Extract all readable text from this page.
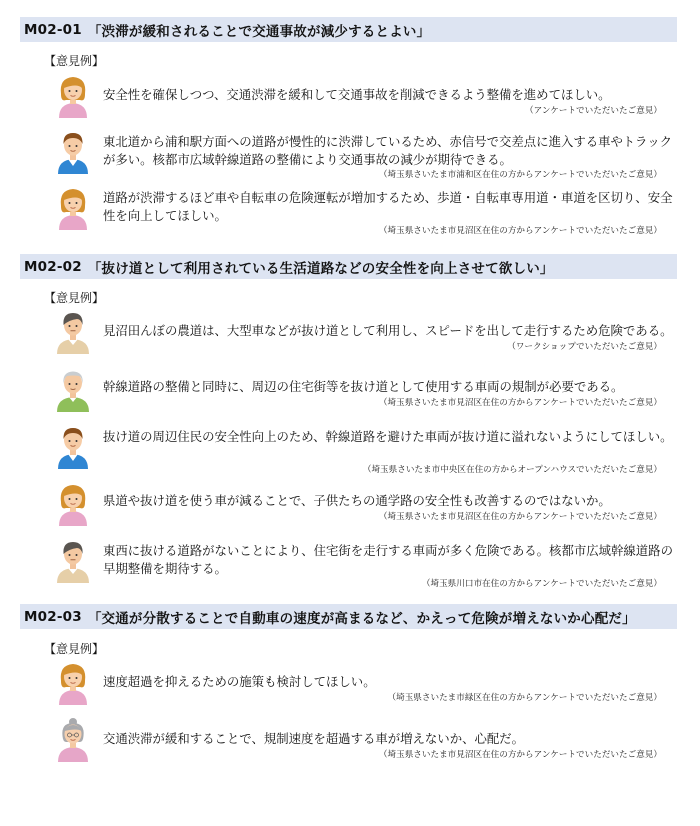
M02-01 「渋滞が緩和されることで交通事故が減少するとよい」
【意見例】
安全性を確保しつつ、交通渋滞を緩和して交通事故を削減できるよう整備を進めてほしい。
（アンケートでいただいたご意見）
東北道から浦和駅方面への道路が慢性的に渋滞しているため、赤信号で交差点に進入する車やトラックが多い。核都市広域幹線道路の整備により交通事故の減少が期待できる。
（埼玉県さいたま市浦和区在住の方からアンケートでいただいたご意見）
道路が渋滞するほど車や自転車の危険運転が増加するため、歩道・自転車専用道・車道を区切り、安全性を向上してほしい。
（埼玉県さいたま市見沼区在住の方からアンケートでいただいたご意見）
M02-02 「抜け道として利用されている生活道路などの安全性を向上させて欲しい」
【意見例】
見沼田んぼの農道は、大型車などが抜け道として利用し、スピードを出して走行するため危険である。
（ワークショップでいただいたご意見）
幹線道路の整備と同時に、周辺の住宅街等を抜け道として使用する車両の規制が必要である。
（埼玉県さいたま市見沼区在住の方からアンケートでいただいたご意見）
抜け道の周辺住民の安全性向上のため、幹線道路を避けた車両が抜け道に溢れないようにしてほしい。
（埼玉県さいたま市中央区在住の方からオープンハウスでいただいたご意見）
県道や抜け道を使う車が減ることで、子供たちの通学路の安全性も改善するのではないか。
（埼玉県さいたま市見沼区在住の方からアンケートでいただいたご意見）
東西に抜ける道路がないことにより、住宅街を走行する車両が多く危険である。核都市広域幹線道路の早期整備を期待する。
（埼玉県川口市在住の方からアンケートでいただいたご意見）
M02-03 「交通が分散することで自動車の速度が高まるなど、かえって危険が増えないか心配だ」
【意見例】
速度超過を抑えるための施策も検討してほしい。
（埼玉県さいたま市緑区在住の方からアンケートでいただいたご意見）
交通渋滞が緩和することで、規制速度を超過する車が増えないか、心配だ。
（埼玉県さいたま市見沼区在住の方からアンケートでいただいたご意見）
